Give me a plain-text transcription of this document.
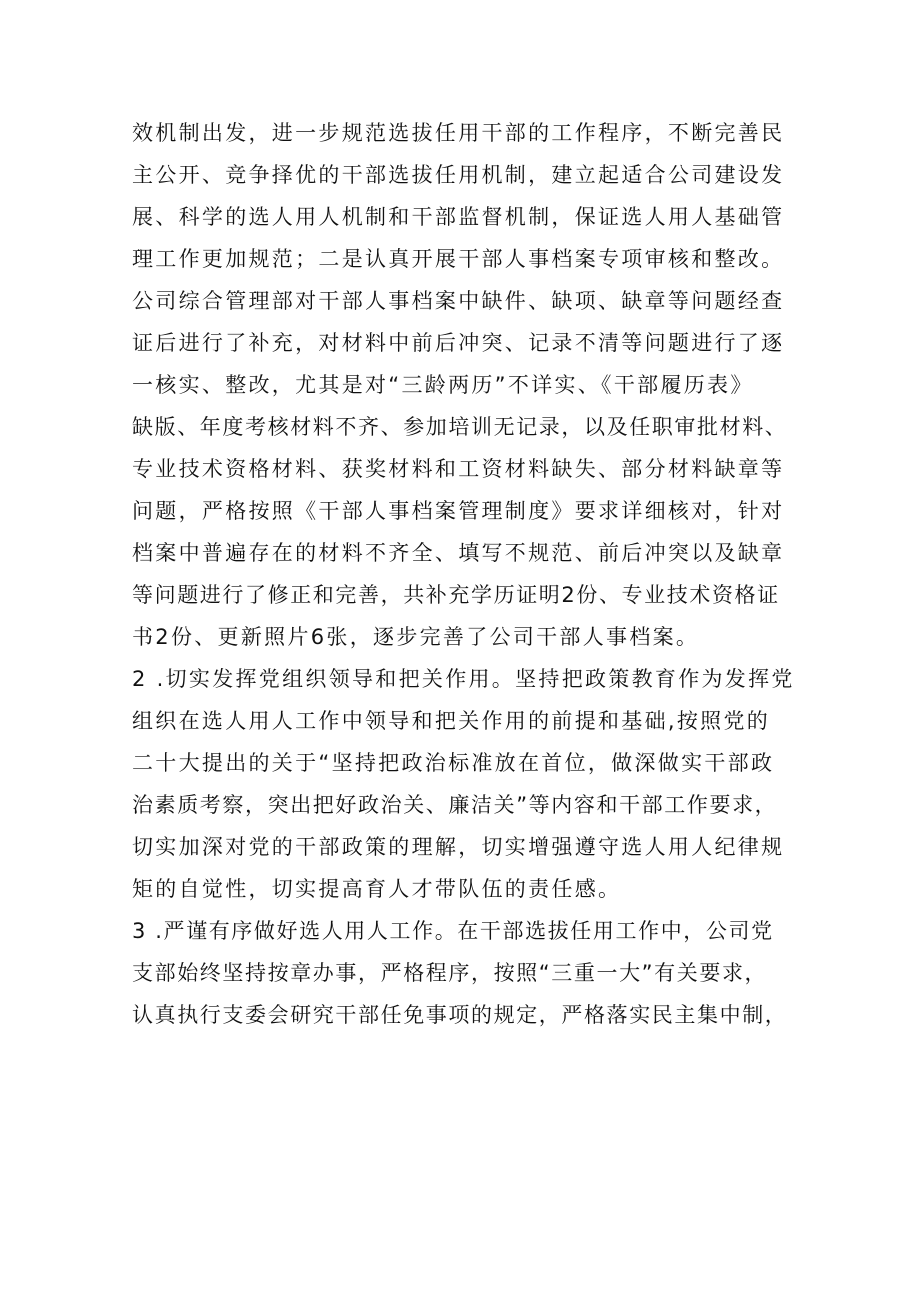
效机制出发，进一步规范选拔任用干部的工作程序，不断完善民
主公开、竞争择优的干部选拔任用机制，建立起适合公司建设发
展、科学的选人用人机制和干部监督机制，保证选人用人基础管
理工作更加规范；二是认真开展干部人事档案专项审核和整改。
公司综合管理部对干部人事档案中缺件、缺项、缺章等问题经查
证后进行了补充，对材料中前后冲突、记录不清等问题进行了逐
一核实、整改，尤其是对“三龄两历”不详实、《干部履历表》
缺版、年度考核材料不齐、参加培训无记录，以及任职审批材料、
专业技术资格材料、获奖材料和工资材料缺失、部分材料缺章等
问题，严格按照《干部人事档案管理制度》要求详细核对，针对
档案中普遍存在的材料不齐全、填写不规范、前后冲突以及缺章
等问题进行了修正和完善，共补充学历证明2份、专业技术资格证
书2份、更新照片6张，逐步完善了公司干部人事档案。
2 .切实发挥党组织领导和把关作用。坚持把政策教育作为发挥党
组织在选人用人工作中领导和把关作用的前提和基础,按照党的
二十大提出的关于“坚持把政治标准放在首位，做深做实干部政
治素质考察，突出把好政治关、廉洁关”等内容和干部工作要求，
切实加深对党的干部政策的理解，切实增强遵守选人用人纪律规
矩的自觉性，切实提高育人才带队伍的责任感。
3 .严谨有序做好选人用人工作。在干部选拔任用工作中，公司党
支部始终坚持按章办事，严格程序，按照“三重一大”有关要求，
认真执行支委会研究干部任免事项的规定，严格落实民主集中制，
